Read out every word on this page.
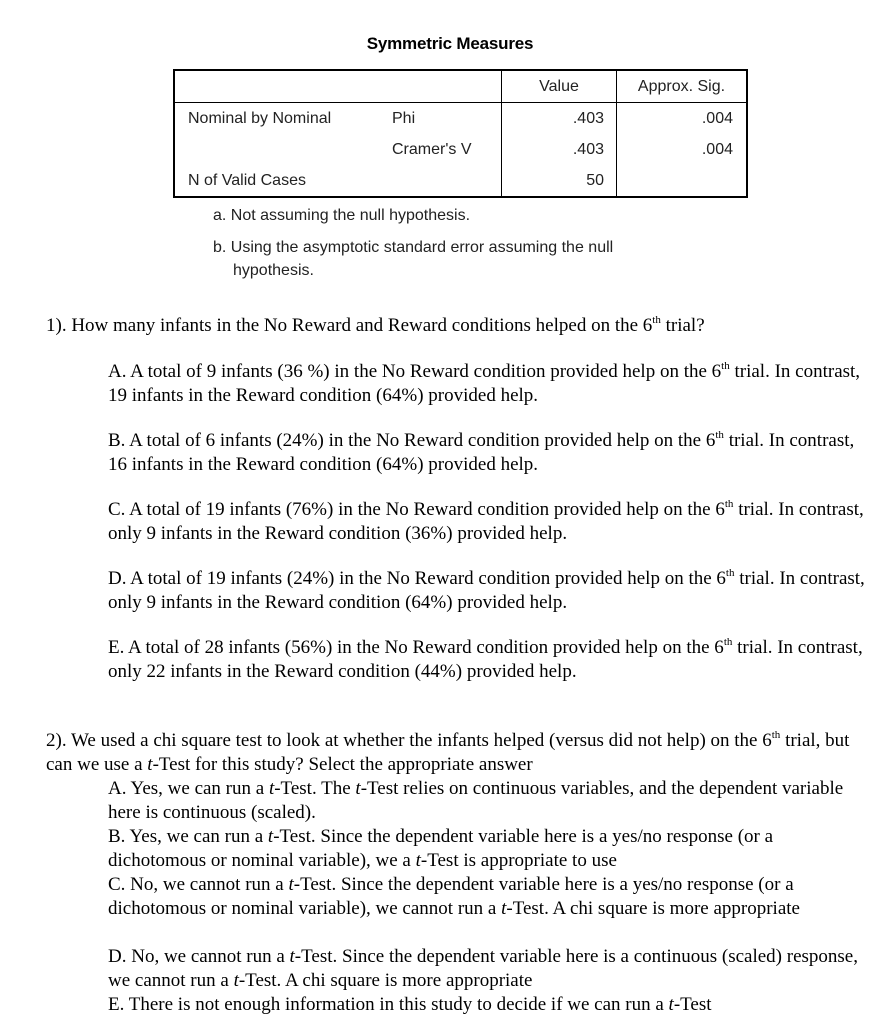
Symmetric Measures
		Value	Approx. Sig.
Nominal by Nominal	Phi	.403	.004
	Cramer's V	.403	.004
N of Valid Cases		50	
a. Not assuming the null hypothesis.
b. Using the asymptotic standard error assuming the null hypothesis.
1). How many infants in the No Reward and Reward conditions helped on the 6th trial?
A. A total of 9 infants (36 %) in the No Reward condition provided help on the 6th trial. In contrast, 19 infants in the Reward condition (64%) provided help.
B. A total of 6 infants (24%) in the No Reward condition provided help on the 6th trial. In contrast, 16 infants in the Reward condition (64%) provided help.
C. A total of 19 infants (76%) in the No Reward condition provided help on the 6th trial. In contrast, only 9 infants in the Reward condition (36%) provided help.
D. A total of 19 infants (24%) in the No Reward condition provided help on the 6th trial. In contrast, only 9 infants in the Reward condition (64%) provided help.
E. A total of 28 infants (56%) in the No Reward condition provided help on the 6th trial. In contrast, only 22 infants in the Reward condition (44%) provided help.
2). We used a chi square test to look at whether the infants helped (versus did not help) on the 6th trial, but can we use a t-Test for this study? Select the appropriate answer
A. Yes, we can run a t-Test. The t-Test relies on continuous variables, and the dependent variable here is continuous (scaled).
B. Yes, we can run a t-Test. Since the dependent variable here is a yes/no response (or a dichotomous or nominal variable), we a t-Test is appropriate to use
C. No, we cannot run a t-Test. Since the dependent variable here is a yes/no response (or a dichotomous or nominal variable), we cannot run a t-Test. A chi square is more appropriate
D. No, we cannot run a t-Test. Since the dependent variable here is a continuous (scaled) response, we cannot run a t-Test. A chi square is more appropriate
E. There is not enough information in this study to decide if we can run a t-Test
